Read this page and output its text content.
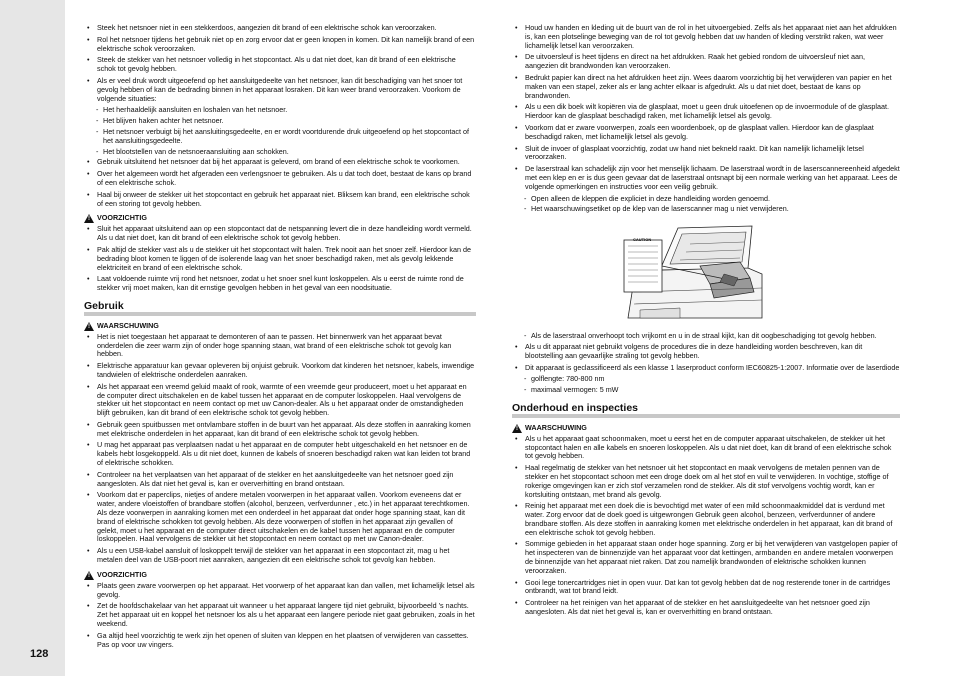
128
• Steek het netsnoer niet in een stekkerdoos, aangezien dit brand of een elektrische schok kan veroorzaken.
• Rol het netsnoer tijdens het gebruik niet op en zorg ervoor dat er geen knopen in komen. Dit kan namelijk brand of een elektrische schok veroorzaken.
• Steek de stekker van het netsnoer volledig in het stopcontact. Als u dat niet doet, kan dit brand of een elektrische schok tot gevolg hebben.
• Als er veel druk wordt uitgeoefend op het aansluitgedeelte van het netsnoer, kan dit beschadiging van het snoer tot gevolg hebben of kan de bedrading binnen in het apparaat losraken. Dit kan weer brand veroorzaken. Voorkom de volgende situaties:
- Het herhaaldelijk aansluiten en loshalen van het netsnoer.
- Het blijven haken achter het netsnoer.
- Het netsnoer verbuigt bij het aansluitingsgedeelte, en er wordt voortdurende druk uitgeoefend op het stopcontact of het aansluitingsgedeelte.
- Het blootstellen van de netsnoeraansluiting aan schokken.
• Gebruik uitsluitend het netsnoer dat bij het apparaat is geleverd, om brand of een elektrische schok te voorkomen.
• Over het algemeen wordt het afgeraden een verlengsnoer te gebruiken. Als u dat toch doet, bestaat de kans op brand of een elektrische schok.
• Haal bij onweer de stekker uit het stopcontact en gebruik het apparaat niet. Bliksem kan brand, een elektrische schok of een storing tot gevolg hebben.
! VOORZICHTIG
• Sluit het apparaat uitsluitend aan op een stopcontact dat de netspanning levert die in deze handleiding wordt vermeld. Als u dat niet doet, kan dit brand of een elektrische schok tot gevolg hebben.
• Pak altijd de stekker vast als u de stekker uit het stopcontact wilt halen. Trek nooit aan het snoer zelf. Hierdoor kan de bedrading bloot komen te liggen of de isolerende laag van het snoer beschadigd raken, met als gevolg lekkende elektriciteit en brand of een elektrische schok.
• Laat voldoende ruimte vrij rond het netsnoer, zodat u het snoer snel kunt loskoppelen. Als u eerst de ruimte rond de stekker vrij moet maken, kan dit ernstige gevolgen hebben in het geval van een noodsituatie.
Gebruik
! WAARSCHUWING
• Het is niet toegestaan het apparaat te demonteren of aan te passen. Het binnenwerk van het apparaat bevat onderdelen die zeer warm zijn of onder hoge spanning staan, wat brand of een elektrische schok tot gevolg kan hebben.
• Elektrische apparatuur kan gevaar opleveren bij onjuist gebruik. Voorkom dat kinderen het netsnoer, kabels, inwendige tandwielen of elektrische onderdelen aanraken.
• Als het apparaat een vreemd geluid maakt of rook, warmte of een vreemde geur produceert, moet u het apparaat en de computer direct uitschakelen en de kabel tussen het apparaat en de computer loskoppelen. Haal vervolgens de stekker uit het stopcontact en neem contact op met uw Canon-dealer. Als u het apparaat onder de omstandigheden blijft gebruiken, kan dit brand of een elektrische schok tot gevolg hebben.
• Gebruik geen spuitbussen met ontvlambare stoffen in de buurt van het apparaat. Als deze stoffen in aanraking komen met elektrische onderdelen in het apparaat, kan dit brand of een elektrische schok tot gevolg hebben.
• U mag het apparaat pas verplaatsen nadat u het apparaat en de computer hebt uitgeschakeld en het netsnoer en de kabels hebt losgekoppeld. Als u dit niet doet, kunnen de kabels of snoeren beschadigd raken wat kan leiden tot brand of elektrische schokken.
• Controleer na het verplaatsen van het apparaat of de stekker en het aansluitgedeelte van het netsnoer goed zijn aangesloten. Als dat niet het geval is, kan er oververhitting en brand ontstaan.
• Voorkom dat er paperclips, nietjes of andere metalen voorwerpen in het apparaat vallen. Voorkom eveneens dat er water, andere vloeistoffen of brandbare stoffen (alcohol, benzeen, verfverdunner , etc.) in het apparaat terechtkomen. Als deze voorwerpen in aanraking komen met een onderdeel in het apparaat dat onder hoge spanning staat, kan dit brand of elektrische schokken tot gevolg hebben. Als deze voorwerpen of stoffen in het apparaat zijn gevallen of gelekt, moet u het apparaat en de computer direct uitschakelen en de kabel tussen het apparaat en de computer loskoppelen. Haal vervolgens de stekker uit het stopcontact en neem contact op met uw Canon-dealer.
• Als u een USB-kabel aansluit of loskoppelt terwijl de stekker van het apparaat in een stopcontact zit, mag u het metalen deel van de USB-poort niet aanraken, aangezien dit een elektrische schok tot gevolg kan hebben.
! VOORZICHTIG
• Plaats geen zware voorwerpen op het apparaat. Het voorwerp of het apparaat kan dan vallen, met lichamelijk letsel als gevolg.
• Zet de hoofdschakelaar van het apparaat uit wanneer u het apparaat langere tijd niet gebruikt, bijvoorbeeld 's nachts. Zet het apparaat uit en koppel het netsnoer los als u het apparaat een langere periode niet gaat gebruiken, zoals in het weekend.
• Ga altijd heel voorzichtig te werk zijn het openen of sluiten van kleppen en het plaatsen of verwijderen van cassettes. Pas op voor uw vingers.
• Houd uw handen en kleding uit de buurt van de rol in het uitvoergebied. Zelfs als het apparaat niet aan het afdrukken is, kan een plotselinge beweging van de rol tot gevolg hebben dat uw handen of kleding verstrikt raken, wat weer lichamelijk letsel kan veroorzaken.
• De uitvoersleuf is heet tijdens en direct na het afdrukken. Raak het gebied rondom de uitvoersleuf niet aan, aangezien dit brandwonden kan veroorzaken.
• Bedrukt papier kan direct na het afdrukken heet zijn. Wees daarom voorzichtig bij het verwijderen van papier en het maken van een stapel, zeker als er lang achter elkaar is afgedrukt. Als u dat niet doet, bestaat de kans op brandwonden.
• Als u een dik boek wilt kopiëren via de glasplaat, moet u geen druk uitoefenen op de invoermodule of de glasplaat. Hierdoor kan de glasplaat beschadigd raken, met lichamelijk letsel als gevolg.
• Voorkom dat er zware voorwerpen, zoals een woordenboek, op de glasplaat vallen. Hierdoor kan de glasplaat beschadigd raken, met lichamelijk letsel als gevolg.
• Sluit de invoer of glasplaat voorzichtig, zodat uw hand niet bekneld raakt. Dit kan namelijk lichamelijk letsel veroorzaken.
• De laserstraal kan schadelijk zijn voor het menselijk lichaam. De laserstraal wordt in de laserscannereenheid afgedekt met een klep en er is dus geen gevaar dat de laserstraal ontsnapt bij een normale werking van het apparaat. Lees de volgende opmerkingen en instructies voor een veilig gebruik.
- Open alleen de kleppen die expliciet in deze handleiding worden genoemd.
- Het waarschuwingsetiket op de klep van de laserscanner mag u niet verwijderen.
CAUTION
- Als de laserstraal onverhoopt toch vrijkomt en u in de straal kijkt, kan dit oogbeschadiging tot gevolg hebben.
• Als u dit apparaat niet gebruikt volgens de procedures die in deze handleiding worden beschreven, kan dit blootstelling aan gevaarlijke straling tot gevolg hebben.
• Dit apparaat is geclassificeerd als een klasse 1 laserproduct conform IEC60825-1:2007. Informatie over de laserdiode
- golflengte: 780-800 nm
- maximaal vermogen: 5 mW
Onderhoud en inspecties
! WAARSCHUWING
• Als u het apparaat gaat schoonmaken, moet u eerst het en de computer apparaat uitschakelen, de stekker uit het stopcontact halen en alle kabels en snoeren loskoppelen. Als u dat niet doet, kan dit brand of een elektrische schok tot gevolg hebben.
• Haal regelmatig de stekker van het netsnoer uit het stopcontact en maak vervolgens de metalen pennen van de stekker en het stopcontact schoon met een droge doek om al het stof en vuil te verwijderen. In vochtige, stoffige of rokerige omgevingen kan er zich stof verzamelen rond de stekker. Als dit stof vervolgens vochtig wordt, kan er kortsluiting ontstaan, met brand als gevolg.
• Reinig het apparaat met een doek die is bevochtigd met water of een mild schoonmaakmiddel dat is verdund met water. Zorg ervoor dat de doek goed is uitgewrongen Gebruik geen alcohol, benzeen, verfverdunner of andere brandbare stoffen. Als deze stoffen in aanraking komen met elektrische onderdelen in het apparaat, kan dit brand of een elektrische schok tot gevolg hebben.
• Sommige gebieden in het apparaat staan onder hoge spanning. Zorg er bij het verwijderen van vastgelopen papier of het inspecteren van de binnenzijde van het apparaat voor dat kettingen, armbanden en andere metalen voorwerpen de binnenzijde van het apparaat niet raken. Dat zou namelijk brandwonden of elektrische schokken kunnen veroorzaken.
• Gooi lege tonercartridges niet in open vuur. Dat kan tot gevolg hebben dat de nog resterende toner in de cartridges ontbrandt, wat tot brand leidt.
• Controleer na het reinigen van het apparaat of de stekker en het aansluitgedeelte van het netsnoer goed zijn aangesloten. Als dat niet het geval is, kan er oververhitting en brand ontstaan.
